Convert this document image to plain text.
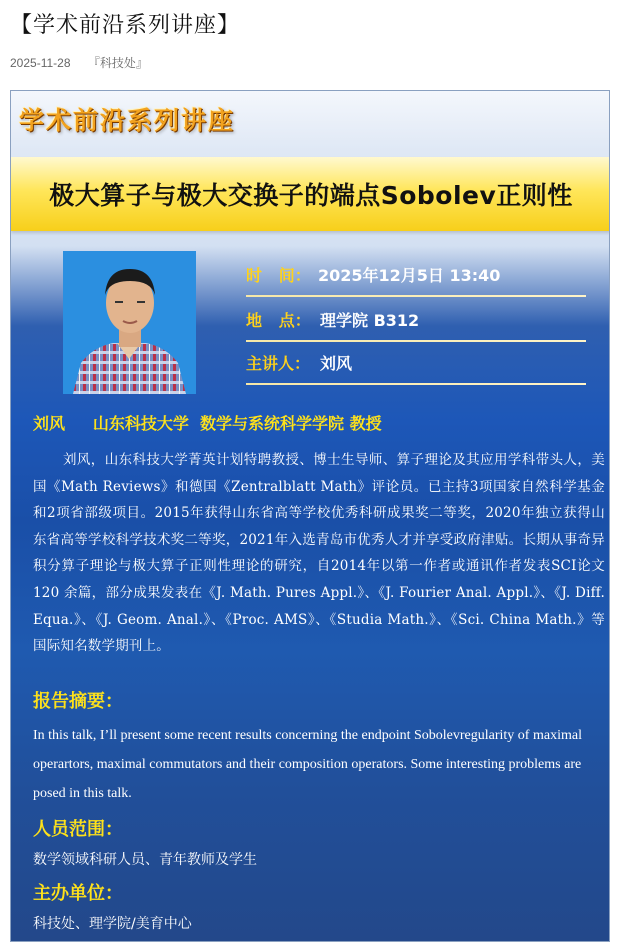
【学术前沿系列讲座】
2025-11-28 『科技处』
学术前沿系列讲座
极大算子与极大交换子的端点Sobolev正则性
时   间： 2025年12月5日 13:40
地   点： 理学院 B312
主讲人： 刘风
刘风     山东科技大学  数学与系统科学学院 教授
刘风，山东科技大学菁英计划特聘教授、博士生导师、算子理论及其应用学科带头人，美国《Math Reviews》和德国《Zentralblatt Math》评论员。已主持3项国家自然科学基金和2项省部级项目。2015年获得山东省高等学校优秀科研成果奖二等奖，2020年独立获得山东省高等学校科学技术奖二等奖，2021年入选青岛市优秀人才并享受政府津贴。长期从事奇异积分算子理论与极大算子正则性理论的研究，自2014年以第一作者或通讯作者发表SCI论文 120 余篇，部分成果发表在《J. Math. Pures Appl.》、《J. Fourier Anal. Appl.》、《J. Diff. Equa.》、《J. Geom. Anal.》、《Proc. AMS》、《Studia Math.》、《Sci. China Math.》等国际知名数学期刊上。
报告摘要：
In this talk, I’ll present some recent results concerning the endpoint Sobolevregularity of maximal operartors, maximal commutators and their composition operators. Some interesting problems are posed in this talk.
人员范围：
数学领域科研人员、青年教师及学生
主办单位：
科技处、理学院/美育中心
